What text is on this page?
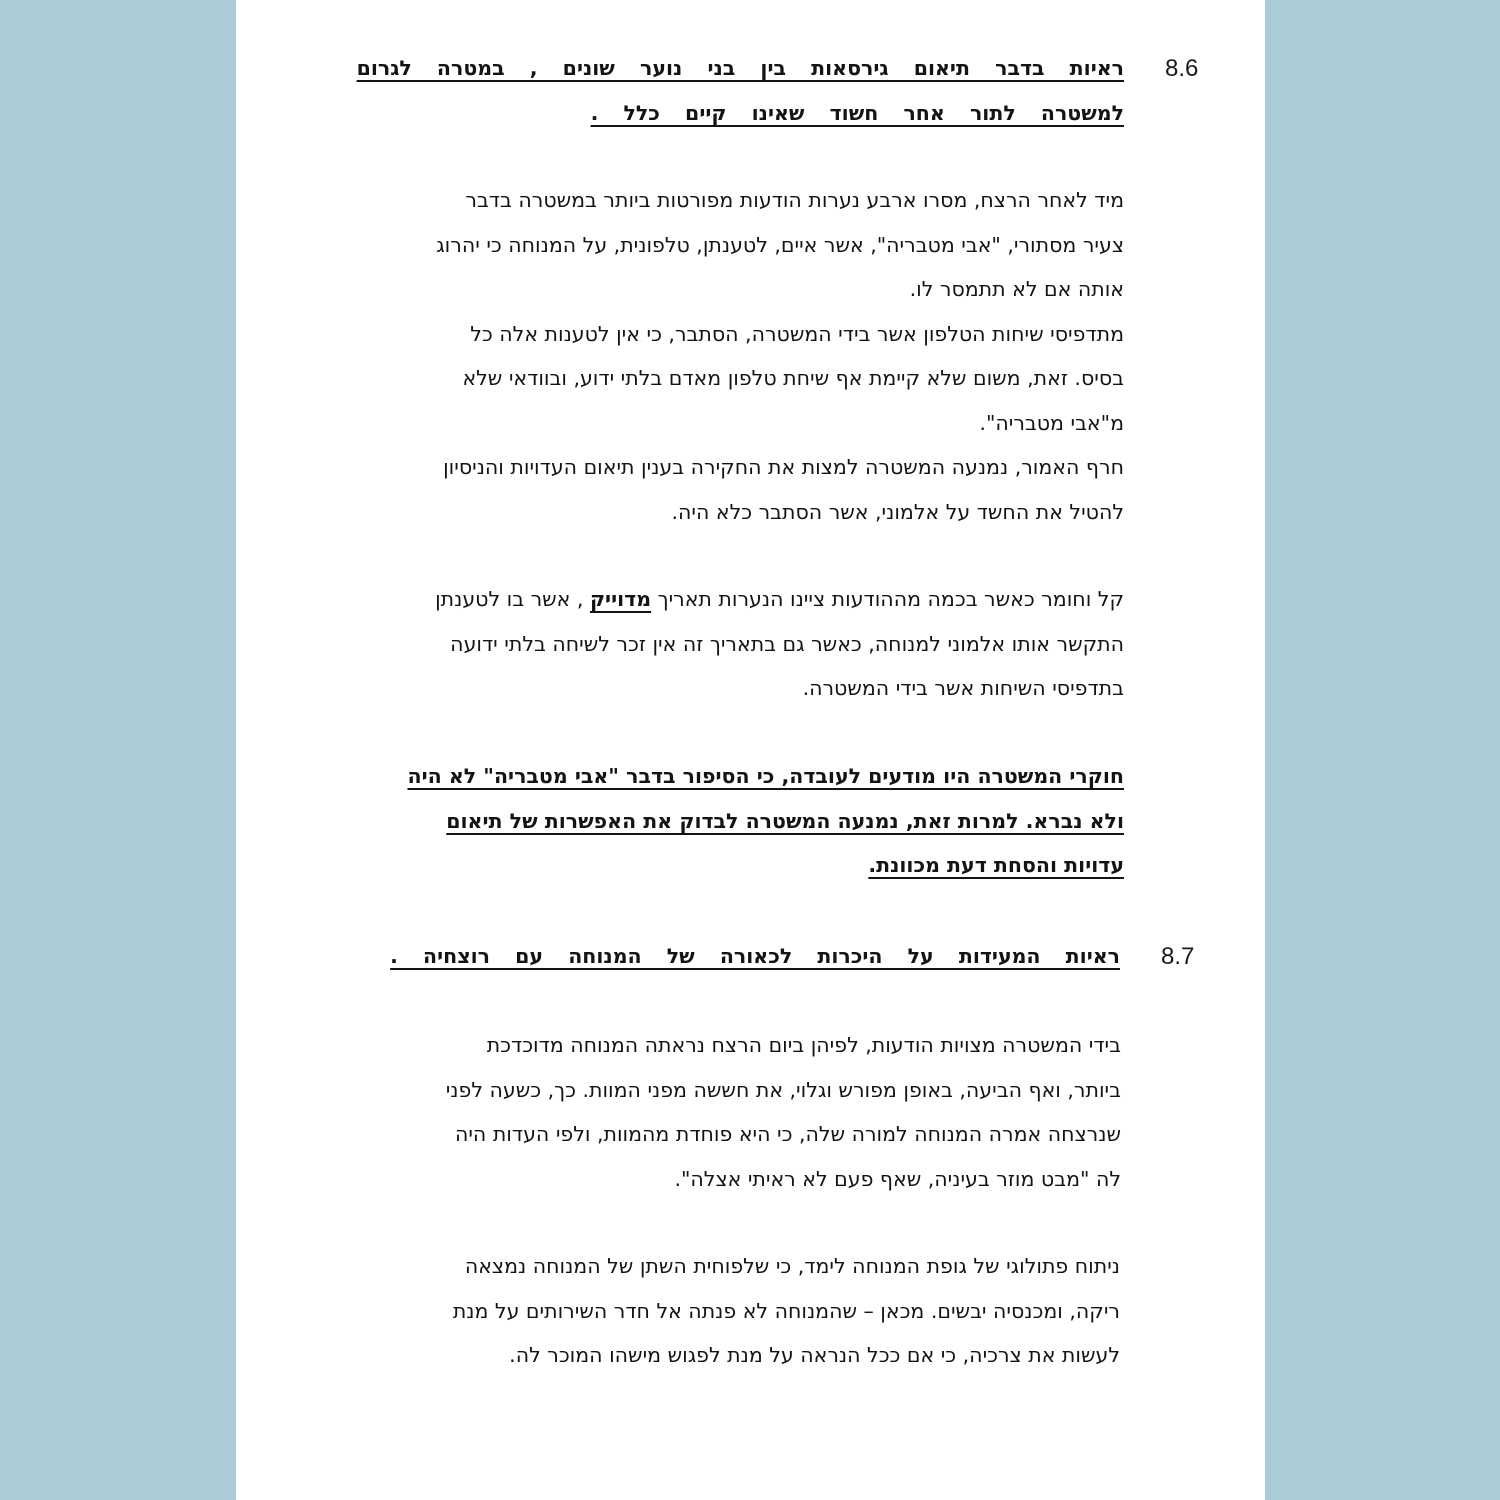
8.6
ראיות בדבר תיאום גירסאות בין בני נוער שונים , במטרה לגרום
למשטרה לתור אחר חשוד שאינו קיים כלל .
מיד לאחר הרצח, מסרו ארבע נערות הודעות מפורטות ביותר במשטרה בדבר
צעיר מסתורי, "אבי מטבריה", אשר איים, לטענתן, טלפונית, על המנוחה כי יהרוג
אותה אם לא תתמסר לו.
מתדפיסי שיחות הטלפון אשר בידי המשטרה, הסתבר, כי אין לטענות אלה כל
בסיס. זאת, משום שלא קיימת אף שיחת טלפון מאדם בלתי ידוע, ובוודאי שלא
מ"אבי מטבריה".
חרף האמור, נמנעה המשטרה למצות את החקירה בענין תיאום העדויות והניסיון
להטיל את החשד על אלמוני, אשר הסתבר כלא היה.
קל וחומר כאשר בכמה מההודעות ציינו הנערות תאריך מדוייק , אשר בו לטענתן
התקשר אותו אלמוני למנוחה, כאשר גם בתאריך זה אין זכר לשיחה בלתי ידועה
בתדפיסי השיחות אשר בידי המשטרה.
חוקרי המשטרה היו מודעים לעובדה, כי הסיפור בדבר "אבי מטבריה" לא היה
ולא נברא. למרות זאת, נמנעה המשטרה לבדוק את האפשרות של תיאום
עדויות והסחת דעת מכוונת.
8.7
ראיות המעידות על היכרות לכאורה של המנוחה עם רוצחיה .
בידי המשטרה מצויות הודעות, לפיהן ביום הרצח נראתה המנוחה מדוכדכת
ביותר, ואף הביעה, באופן מפורש וגלוי, את חששה מפני המוות. כך, כשעה לפני
שנרצחה אמרה המנוחה למורה שלה, כי היא פוחדת מהמוות, ולפי העדות היה
לה "מבט מוזר בעיניה, שאף פעם לא ראיתי אצלה".
ניתוח פתולוגי של גופת המנוחה לימד, כי שלפוחית השתן של המנוחה נמצאה
ריקה, ומכנסיה יבשים. מכאן – שהמנוחה לא פנתה אל חדר השירותים על מנת
לעשות את צרכיה, כי אם ככל הנראה על מנת לפגוש מישהו המוכר לה.
